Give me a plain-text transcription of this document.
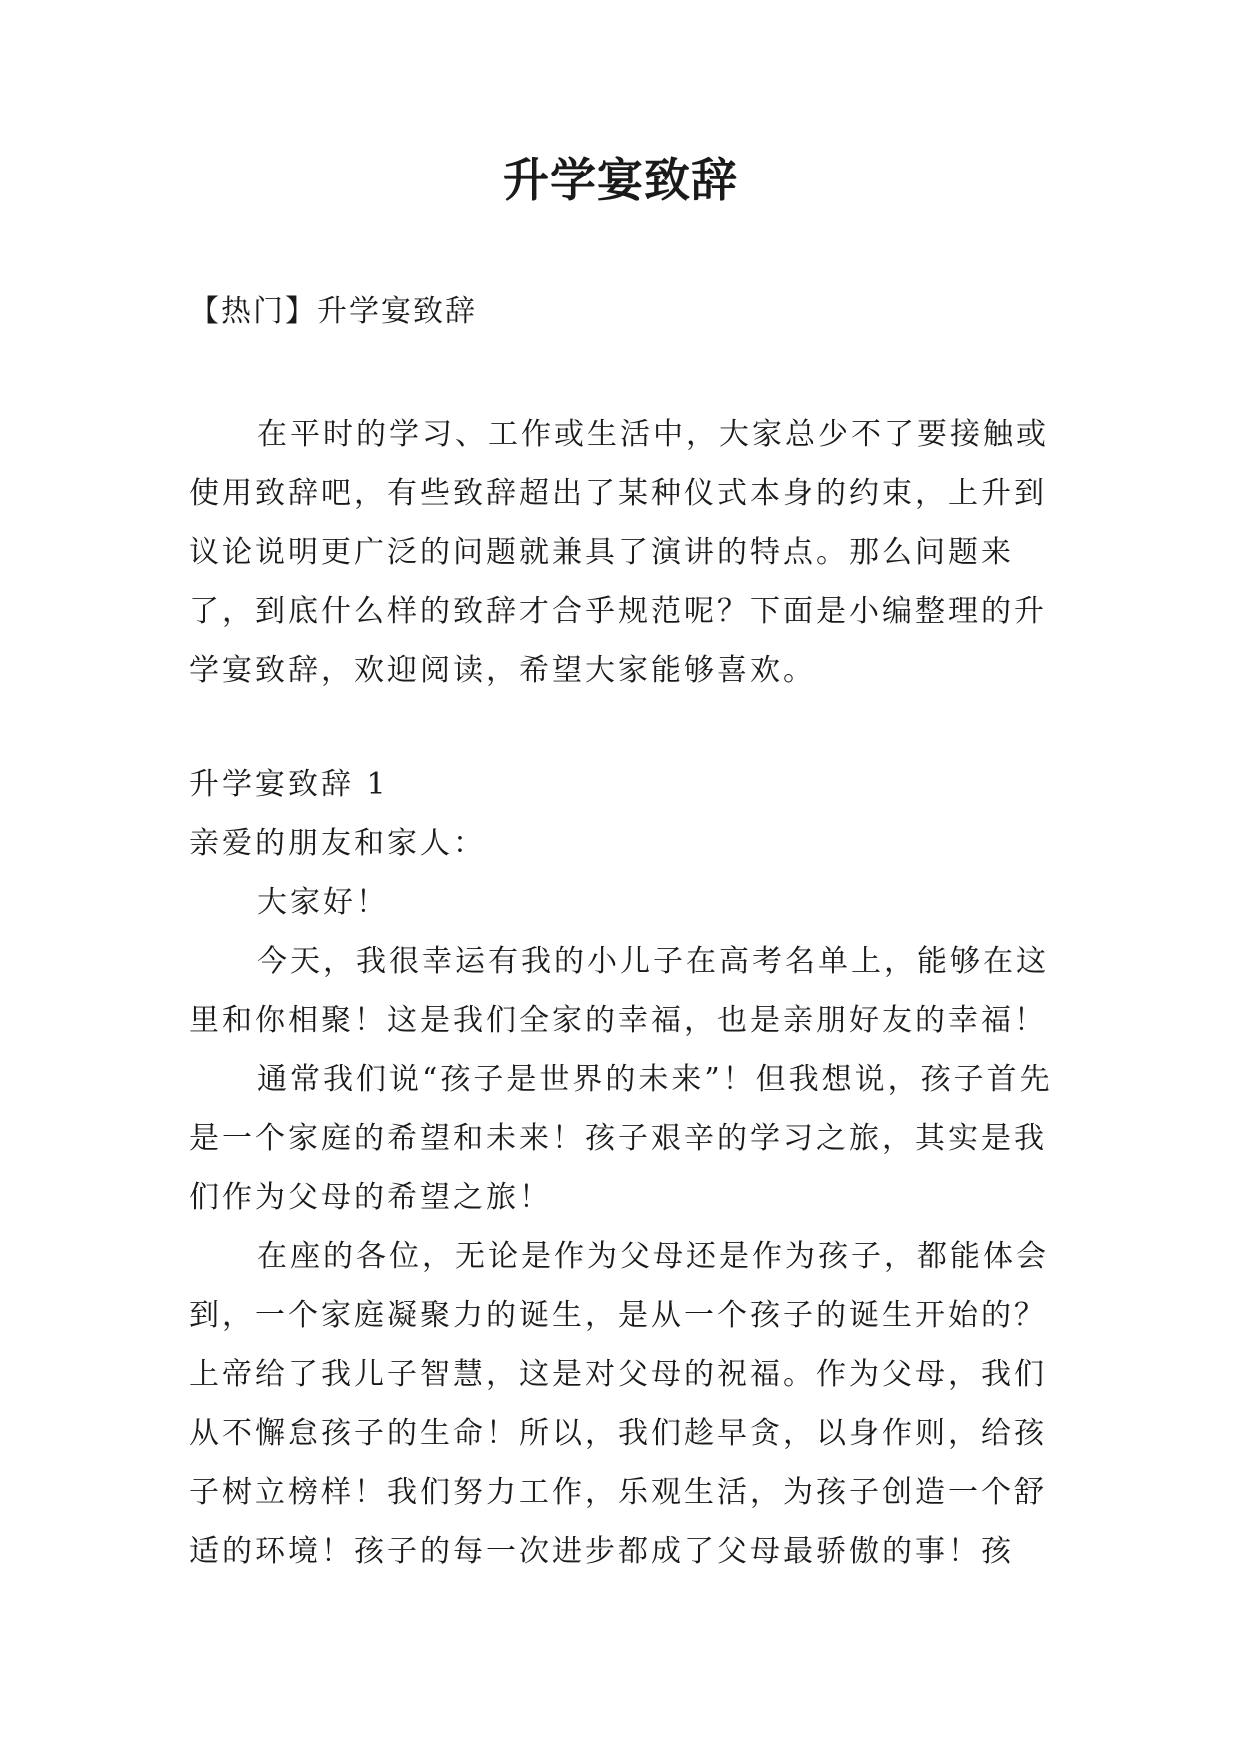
升学宴致辞

【热门】升学宴致辞

在平时的学习、工作或生活中，大家总少不了要接触或使用致辞吧，有些致辞超出了某种仪式本身的约束，上升到议论说明更广泛的问题就兼具了演讲的特点。那么问题来了，到底什么样的致辞才合乎规范呢？下面是小编整理的升学宴致辞，欢迎阅读，希望大家能够喜欢。

升学宴致辞 1

亲爱的朋友和家人：

大家好！

今天，我很幸运有我的小儿子在高考名单上，能够在这里和你相聚！这是我们全家的幸福，也是亲朋好友的幸福！

通常我们说“孩子是世界的未来”！但我想说，孩子首先是一个家庭的希望和未来！孩子艰辛的学习之旅，其实是我们作为父母的希望之旅！

在座的各位，无论是作为父母还是作为孩子，都能体会到，一个家庭凝聚力的诞生，是从一个孩子的诞生开始的？上帝给了我儿子智慧，这是对父母的祝福。作为父母，我们从不懈怠孩子的生命！所以，我们趁早贪，以身作则，给孩子树立榜样！我们努力工作，乐观生活，为孩子创造一个舒适的环境！孩子的每一次进步都成了父母最骄傲的事！孩
